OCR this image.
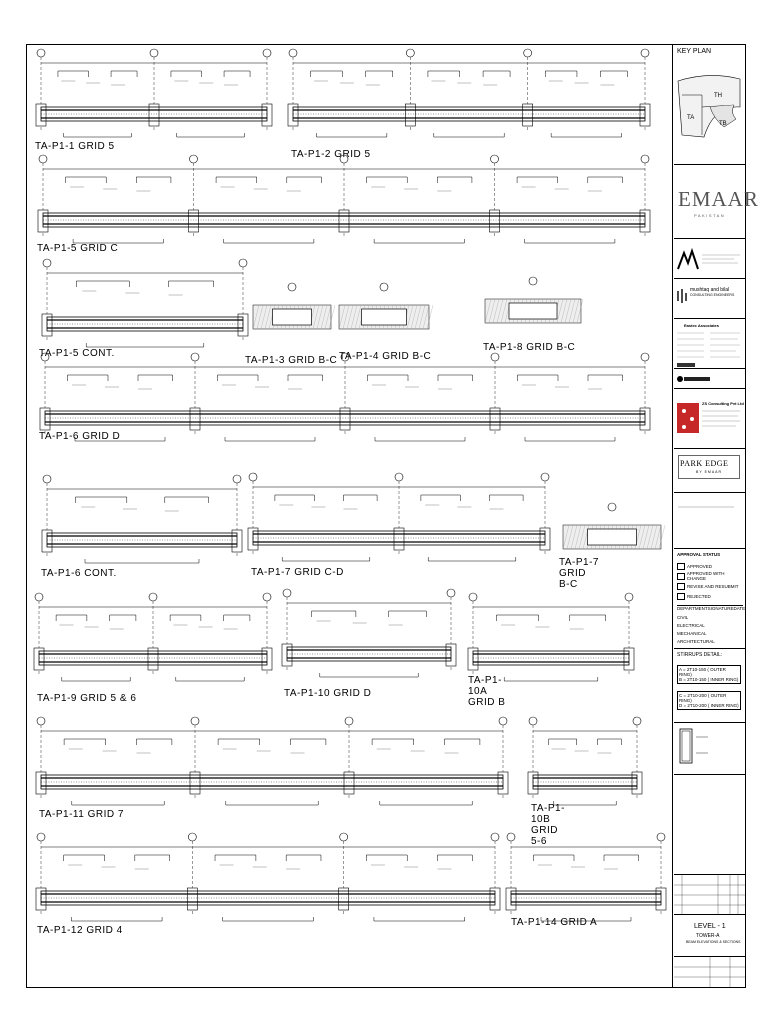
TA-P1-1 GRID 5
TA-P1-2 GRID 5
TA-P1-5 GRID C
TA-P1-5 CONT.
TA-P1-3 GRID B-C TA-P1-4 GRID B-C
TA-P1-8 GRID B-C
TA-P1-6 GRID D
TA-P1-6 CONT.	TA-P1-7 GRID C-D
TA-P1-7 GRID B-C
TA-P1-9 GRID 5 & 6	TA-P1-10 GRID D
TA-P1-10A GRID B
TA-P1-11 GRID 7
TA-P1-10B GRID 5-6
TA-P1-12 GRID 4
TA-P1-14 GRID A
KEY PLAN
TA
TH
TB
EMAAR
PAKISTAN
mushtaq and bilal
CONSULTING ENGINEERS
Eastec Associates
ZS Consulting Pvt Ltd
PARK EDGE
BY EMAAR
APPROVAL STATUS
APPROVED
APPROVED WITH CHANGE
REVISE AND RESUBMIT
REJECTED
DEPARTMENT SIGNATURE DATE
CIVIL
ELECTRICAL
MECHANICAL
ARCHITECTURAL
STIRRUPS DETAIL:
A = 2T10-150 ( OUTER RING)
B = 2T10-150 ( INNER RING)
C = 2T10-200 ( OUTER RING)
D = 2T10-200 ( INNER RING)
LEVEL - 1
TOWER-A
BEAM ELEVATIONS & SECTIONS
